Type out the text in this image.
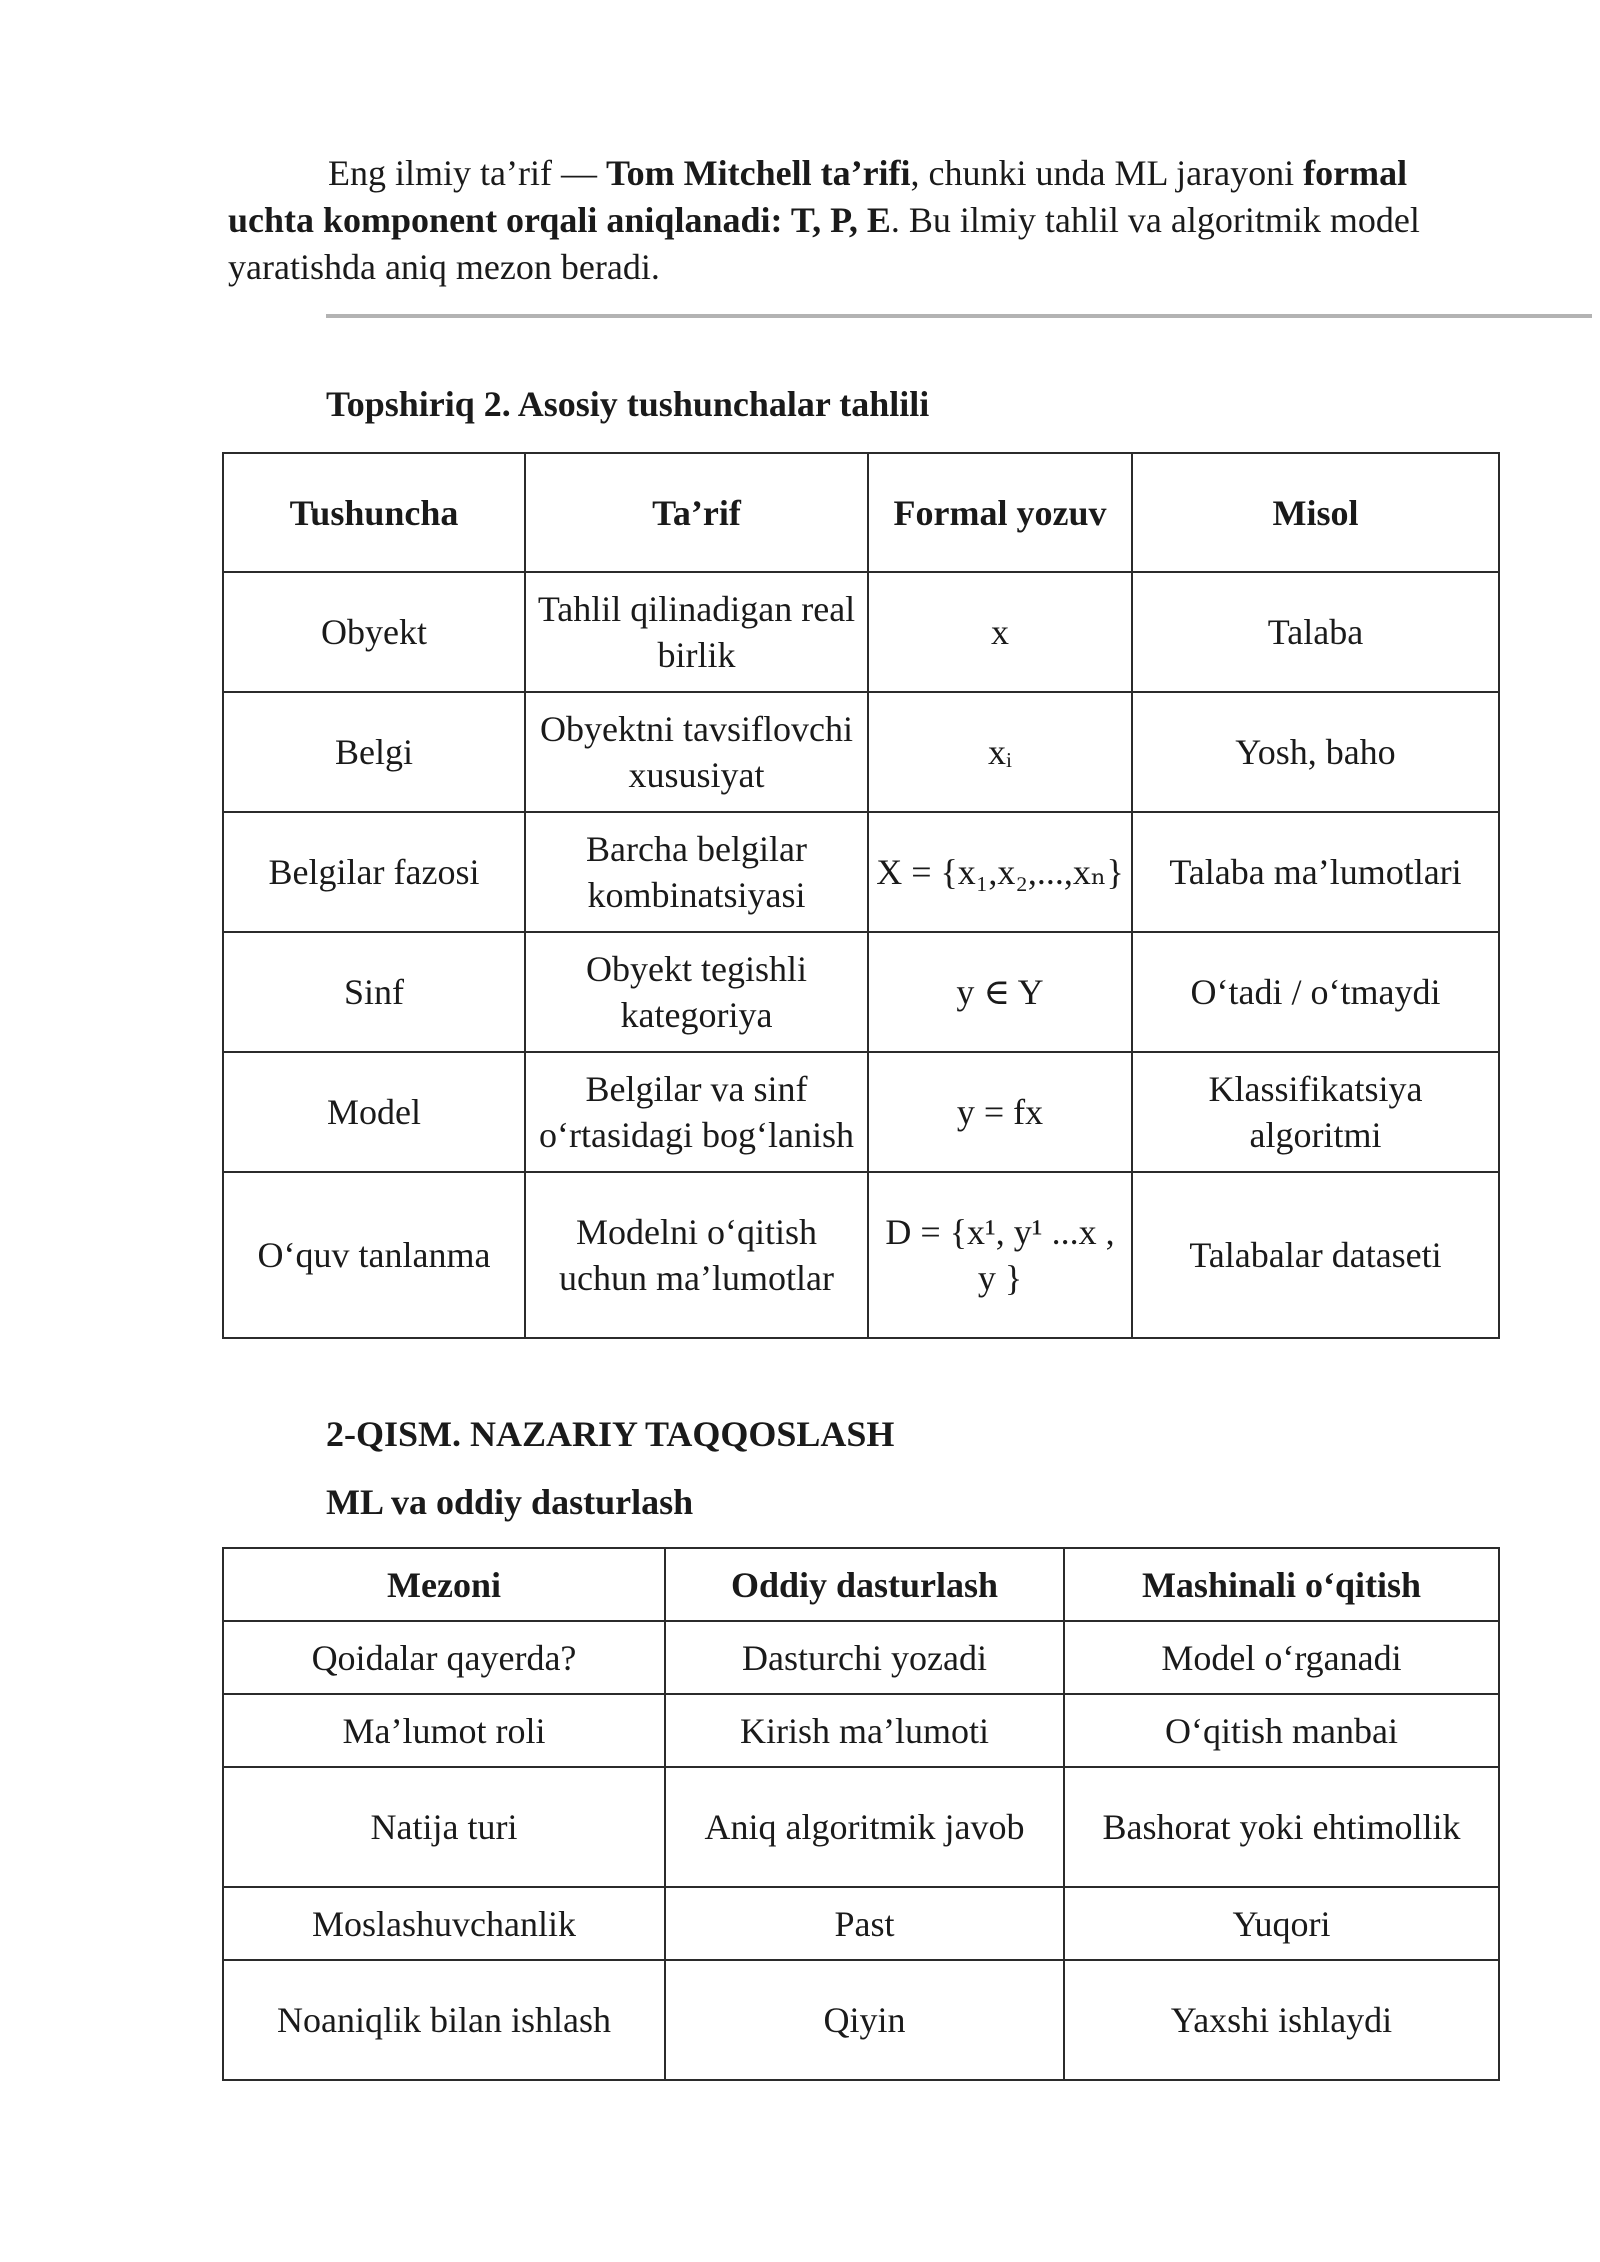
Eng ilmiy ta’rif — Tom Mitchell ta’rifi, chunki unda ML jarayoni formal uchta komponent orqali aniqlanadi: T, P, E. Bu ilmiy tahlil va algoritmik model yaratishda aniq mezon beradi.

Topshiriq 2. Asosiy tushunchalar tahlili
Tushuncha	Ta’rif	Formal yozuv	Misol
Obyekt	Tahlil qilinadigan real birlik	x	Talaba
Belgi	Obyektni tavsiflovchi xususiyat	xᵢ	Yosh, baho
Belgilar fazosi	Barcha belgilar kombinatsiyasi	X = {x₁,x₂,...,xₙ}	Talaba ma’lumotlari
Sinf	Obyekt tegishli kategoriya	y ∈ Y	O‘tadi / o‘tmaydi
Model	Belgilar va sinf o‘rtasidagi bog‘lanish	y = fx	Klassifikatsiya algoritmi
O‘quv tanlanma	Modelni o‘qitish uchun ma’lumotlar	D = {x¹, y¹ ...x , y }	Talabalar dataseti
2-QISM. NAZARIY TAQQOSLASH
ML va oddiy dasturlash
Mezoni	Oddiy dasturlash	Mashinali o‘qitish
Qoidalar qayerda?	Dasturchi yozadi	Model o‘rganadi
Ma’lumot roli	Kirish ma’lumoti	O‘qitish manbai
Natija turi	Aniq algoritmik javob	Bashorat yoki ehtimollik
Moslashuvchanlik	Past	Yuqori
Noaniqlik bilan ishlash	Qiyin	Yaxshi ishlaydi
